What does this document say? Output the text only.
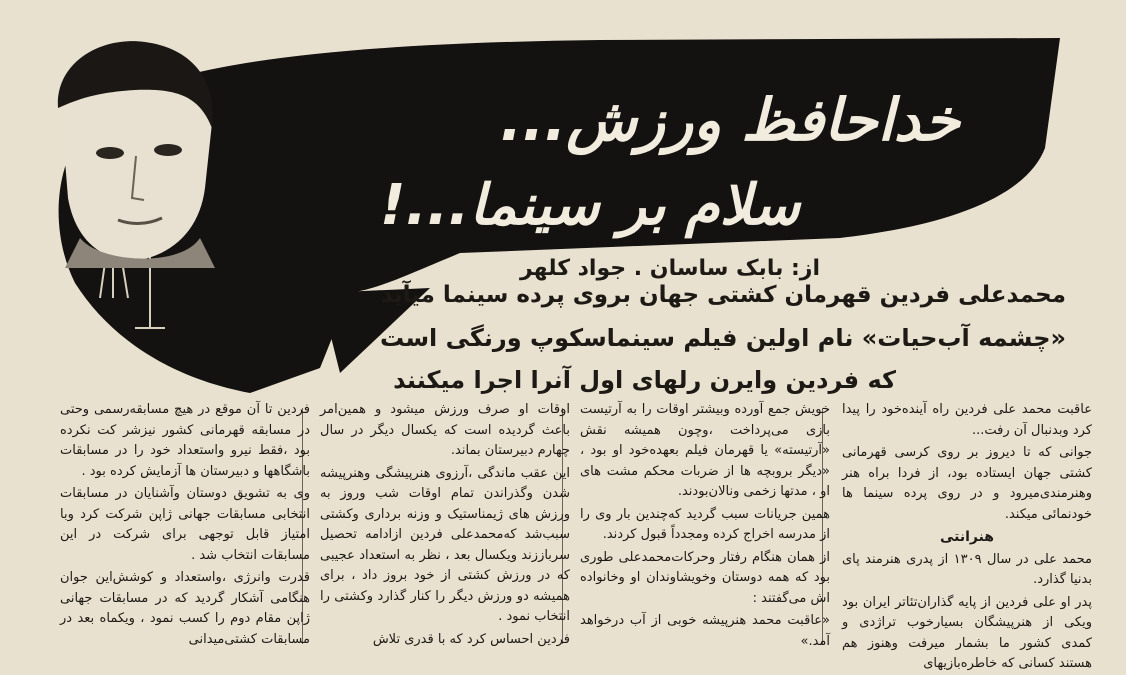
خداحافظ ورزش...
سلام بر سینما...!
از: بابک ساسان . جواد کلهر
محمدعلی فردین قهرمان کشتی جهان بروی پرده سینما میآید
«چشمه آب‌حیات» نام اولین فیلم سینماسکوپ ورنگی است
که فردین وایرن رلهای اول آنرا اجرا میکنند

عاقبت محمد علی فردین راه آینده‌خود را پیدا کرد وبدنبال آن رفت...

جوانی که تا دیروز بر روی کرسی قهرمانی کشتی جهان ایستاده بود، از فردا براه هنر وهنرمندی‌میرود و در روی پرده سینما ها خودنمائی میکند.

هنرانتی

محمد علی در سال ۱۳۰۹ از پدری هنرمند پای بدنیا گذارد.

پدر او علی فردین از پایه گذاران‌تئاتر ایران بود ویکی از هنرپیشگان بسیارخوب تراژدی و کمدی کشور ما بشمار میرفت وهنوز هم هستند کسانی که خاطره‌بازیهای

خویش جمع آورده وبیشتر اوقات را به آرتیست بازی می‌پرداخت ،وچون همیشه نقش «آرتیسته» یا قهرمان فیلم بعهده‌خود او بود ، «دیگر بروبچه ها از ضربات محکم مشت های او ، مدتها زخمی ونالان‌بودند.

همین جریانات سبب گردید که‌چندین بار وی را از مدرسه اخراج کرده ومجدداً قبول کردند.

از همان هنگام رفتار وحرکات‌محمدعلی طوری بود که همه دوستان وخویشاوندان او وخانواده اش می‌گفتند :

«عاقبت محمد هنرپیشه خوبی از آب درخواهد آمد.»

اوقات او صرف ورزش میشود و همین‌امر باعث گردیده است که یکسال دیگر در سال چهارم دبیرستان بماند.

این عقب ماندگی ،آرزوی هنرپیشگی وهنرپیشه شدن وگذراندن تمام اوقات شب وروز به ورزش های ژیمناستیک و وزنه برداری وکشتی سبب‌شد که‌محمدعلی فردین ازادامه تحصیل سرباززند ویکسال بعد ، نظر به استعداد عجیبی که در ورزش کشتی از خود بروز داد ، برای همیشه دو ورزش دیگر را کنار گذارد وکشتی را انتخاب نمود .

فردین احساس کرد که با قدری تلاش

فردین تا آن موقع در هیچ مسابقه‌رسمی وحتی در مسابقه قهرمانی کشور نیزشر کت نکرده بود ،فقط نیرو واستعداد خود را در مسابقات باشگاهها و دبیرستان ها آزمایش کرده بود .

وی به تشویق دوستان وآشنایان در مسابقات انتخابی مسابقات جهانی ژاپن شرکت کرد وبا امتیاز قابل توجهی برای شرکت در این مسابقات انتخاب شد .

قدرت وانرژی ،واستعداد و کوشش‌این جوان هنگامی آشکار گردید که در مسابقات جهانی ژاپن مقام دوم را کسب نمود ، ویکماه بعد در مسابقات کشتی‌میدانی
